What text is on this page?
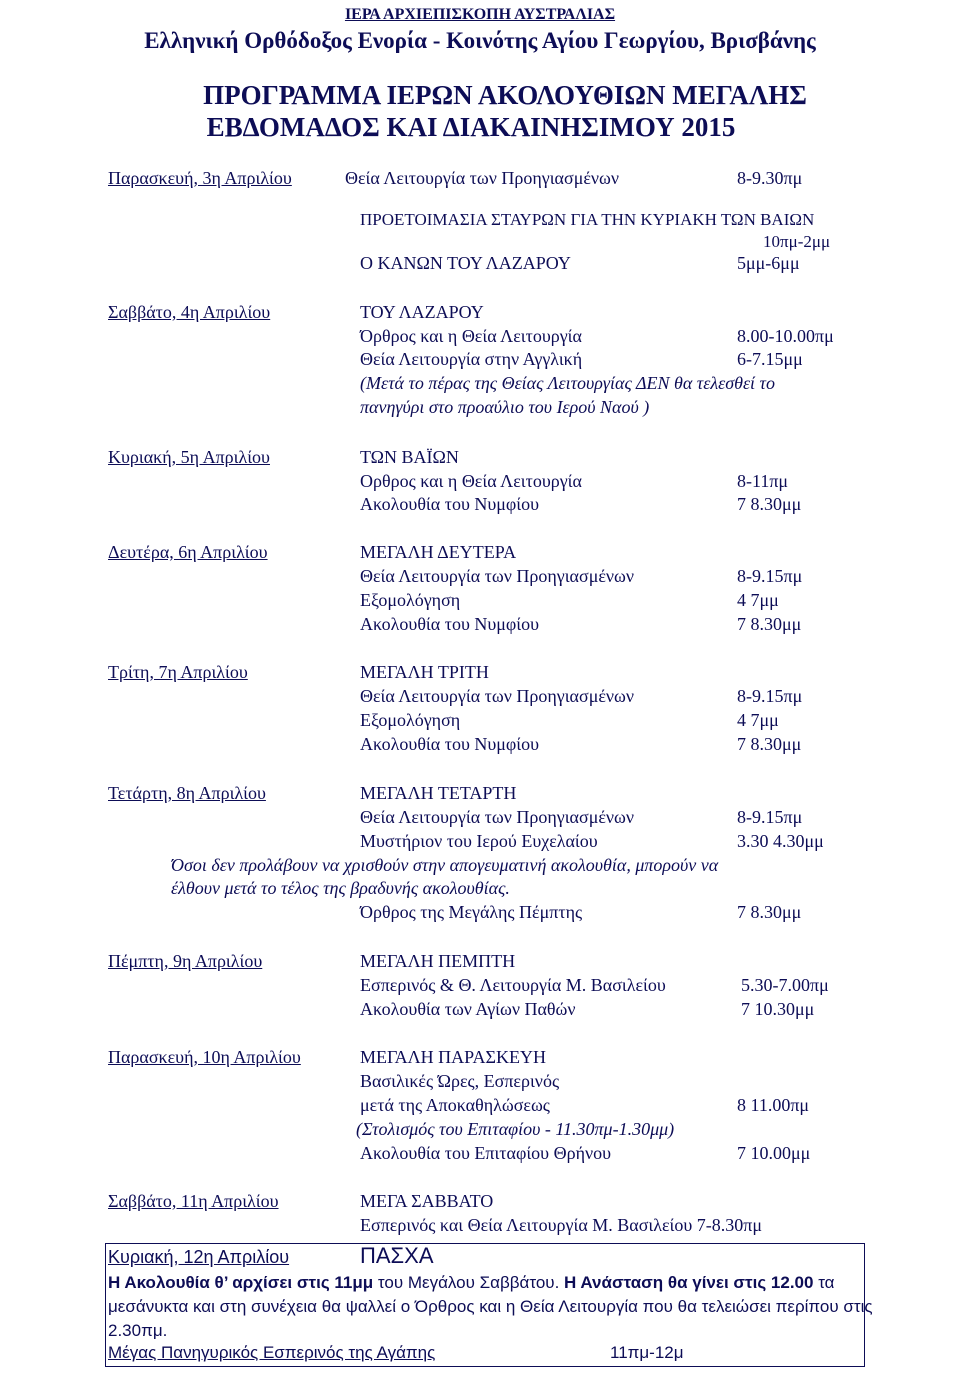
ΙΕΡΑ ΑΡΧΙΕΠΙΣΚΟΠΗ ΑΥΣΤΡΑΛΙΑΣ
Ελληνική Ορθόδοξος Ενορία - Κοινότης Αγίου Γεωργίου, Βρισβάνης
ΠΡΟΓΡΑΜΜΑ ΙΕΡΩΝ ΑΚΟΛΟΥΘΙΩΝ ΜΕΓΑΛΗΣ
ΕΒΔΟΜΑΔΟΣ ΚΑΙ ΔΙΑΚΑΙΝΗΣΙΜΟΥ 2015
Παρασκευή, 3η Απριλίου	Θεία Λειτουργία των Προηγιασμένων	8-9.30πμ
ΠΡΟΕΤΟΙΜΑΣΙΑ ΣΤΑΥΡΩΝ ΓΙΑ ΤΗΝ ΚΥΡΙΑΚΗ ΤΩΝ ΒΑΙΩΝ
10πμ-2μμ
Ο ΚΑΝΩΝ ΤΟΥ ΛΑΖΑΡΟΥ	5μμ-6μμ
Σαββάτο, 4η Απριλίου	ΤΟΥ ΛΑΖΑΡΟΥ
Όρθρος και η Θεία Λειτουργία	8.00-10.00πμ
Θεία Λειτουργία στην Αγγλική	6-7.15μμ
(Μετά το πέρας της Θείας Λειτουργίας ΔΕΝ θα τελεσθεί το
πανηγύρι στο προαύλιο του Ιερού Ναού )
Κυριακή, 5η Απριλίου	ΤΩΝ ΒΑΪΩΝ
Ορθρος και η Θεία Λειτουργία	8-11πμ
Ακολουθία του Νυμφίου	7 8.30μμ
Δευτέρα, 6η Απριλίου	ΜΕΓΑΛΗ ΔΕΥΤΕΡΑ
Θεία Λειτουργία των Προηγιασμένων	8-9.15πμ
Εξομολόγηση	4 7μμ
Ακολουθία του Νυμφίου	7 8.30μμ
Τρίτη, 7η Απριλίου	ΜΕΓΑΛΗ ΤΡΙΤΗ
Θεία Λειτουργία των Προηγιασμένων	8-9.15πμ
Εξομολόγηση	4 7μμ
Ακολουθία του Νυμφίου	7 8.30μμ
Τετάρτη, 8η Απριλίου	ΜΕΓΑΛΗ ΤΕΤΑΡΤΗ
Θεία Λειτουργία των Προηγιασμένων	8-9.15πμ
Μυστήριον του Ιερού Ευχελαίου	3.30 4.30μμ
Όσοι δεν προλάβουν να χρισθούν στην απογευματινή ακολουθία, μπορούν να
έλθουν μετά το τέλος της βραδυνής ακολουθίας.
Όρθρος της Μεγάλης Πέμπτης	7 8.30μμ
Πέμπτη, 9η Απριλίου	ΜΕΓΑΛΗ ΠΕΜΠΤΗ
Εσπερινός & Θ. Λειτουργία Μ. Βασιλείου	5.30-7.00πμ
Ακολουθία των Αγίων Παθών	7 10.30μμ
Παρασκευή, 10η Απριλίου	ΜΕΓΑΛΗ ΠΑΡΑΣΚΕΥΗ
Βασιλικές Ώρες, Εσπερινός
μετά της Αποκαθηλώσεως	8 11.00πμ
(Στολισμός του Επιταφίου - 11.30πμ-1.30μμ)
Ακολουθία του Επιταφίου Θρήνου	7 10.00μμ
Σαββάτο, 11η Απριλίου	ΜΕΓΑ ΣΑΒΒΑΤΟ
Εσπερινός και Θεία Λειτουργία Μ. Βασιλείου 7-8.30πμ
Κυριακή, 12η Απριλίου	ΠΑΣΧΑ
Η Ακολουθία θ’ αρχίσει στις 11μμ του Μεγάλου Σαββάτου. Η Ανάσταση θα γίνει στις 12.00 τα μεσάνυκτα και στη συνέχεια θα ψαλλεί ο Όρθρος και η Θεία Λειτουργία που θα τελειώσει περίπου στις 2.30πμ.
Μέγας Πανηγυρικός Εσπερινός της Αγάπης	11πμ-12μ
